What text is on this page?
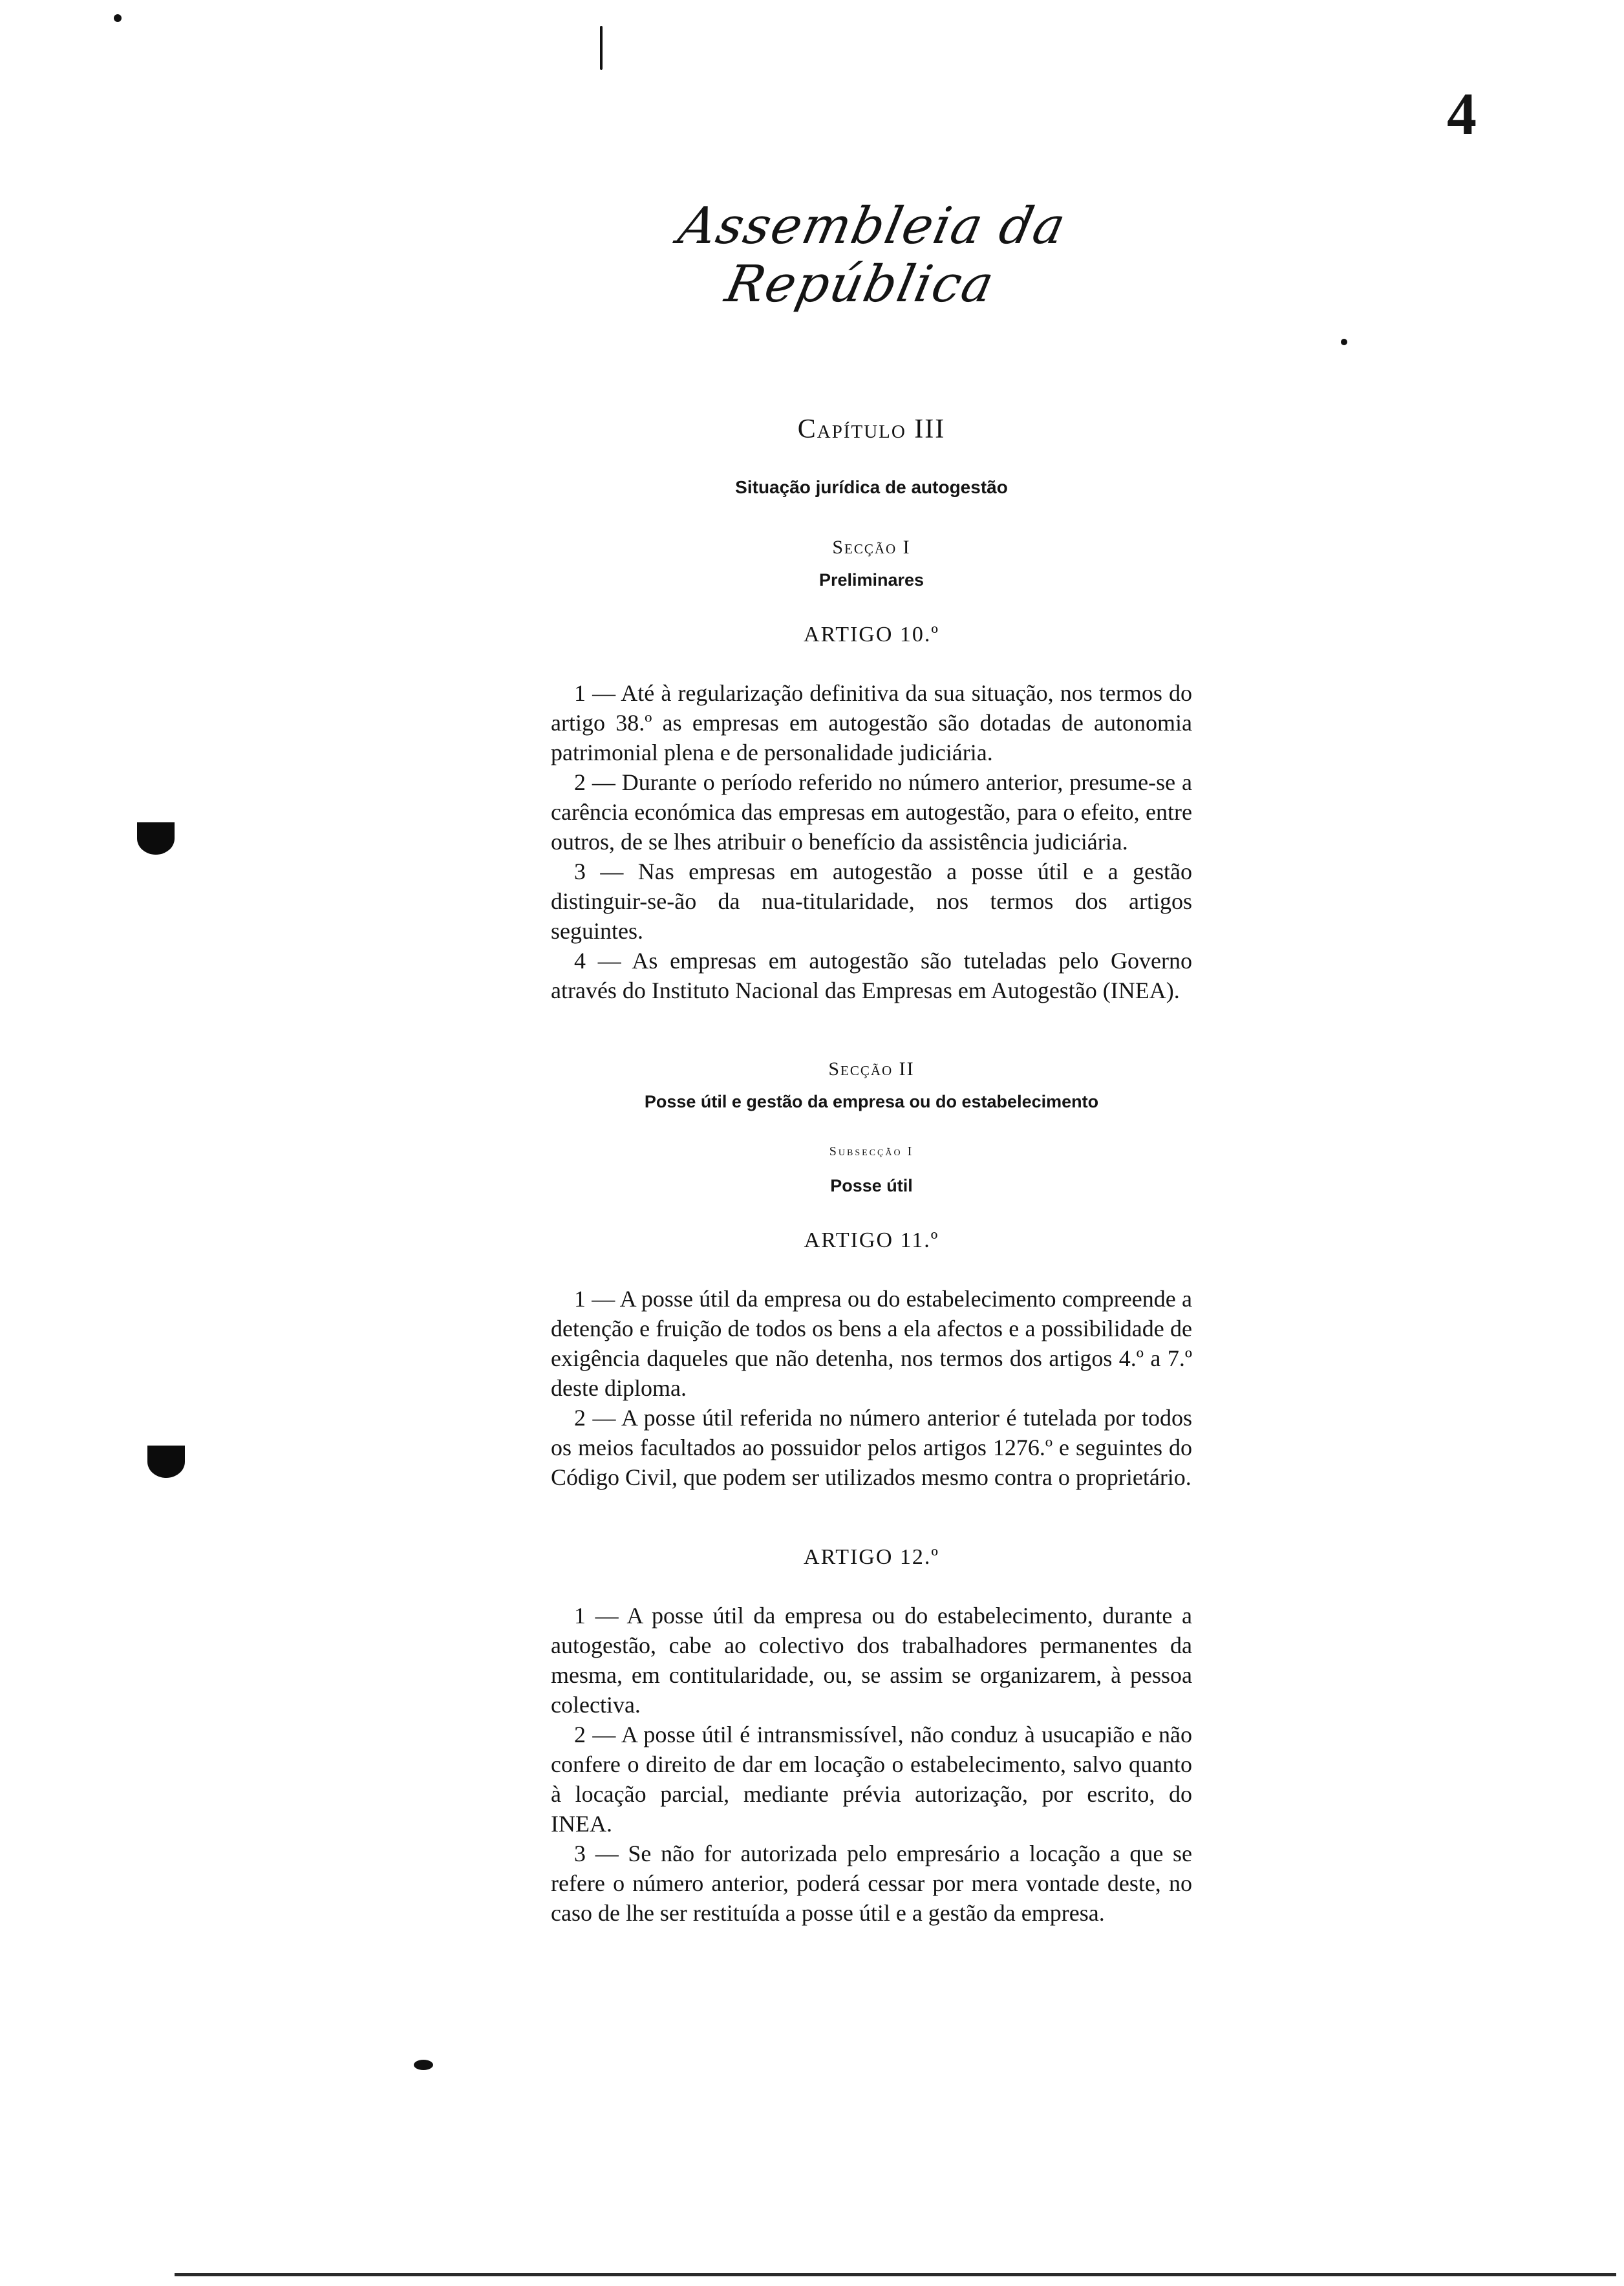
4
Assembleia da República
Capítulo III
Situação jurídica de autogestão
Secção I
Preliminares
ARTIGO 10.º

1 — Até à regularização definitiva da sua situação, nos termos do artigo 38.º as empresas em autogestão são dotadas de autonomia patrimonial plena e de personalidade judiciária.

2 — Durante o período referido no número anterior, presume-se a carência económica das empresas em autogestão, para o efeito, entre outros, de se lhes atribuir o benefício da assistência judiciária.

3 — Nas empresas em autogestão a posse útil e a gestão distinguir-se-ão da nua-titularidade, nos termos dos artigos seguintes.

4 — As empresas em autogestão são tuteladas pelo Governo através do Instituto Nacional das Empresas em Autogestão (INEA).

Secção II
Posse útil e gestão da empresa ou do estabelecimento
Subsecção I
Posse útil
ARTIGO 11.º

1 — A posse útil da empresa ou do estabelecimento compreende a detenção e fruição de todos os bens a ela afectos e a possibilidade de exigência daqueles que não detenha, nos termos dos artigos 4.º a 7.º deste diploma.

2 — A posse útil referida no número anterior é tutelada por todos os meios facultados ao possuidor pelos artigos 1276.º e seguintes do Código Civil, que podem ser utilizados mesmo contra o proprietário.

ARTIGO 12.º

1 — A posse útil da empresa ou do estabelecimento, durante a autogestão, cabe ao colectivo dos trabalhadores permanentes da mesma, em contitularidade, ou, se assim se organizarem, à pessoa colectiva.

2 — A posse útil é intransmissível, não conduz à usucapião e não confere o direito de dar em locação o estabelecimento, salvo quanto à locação parcial, mediante prévia autorização, por escrito, do INEA.

3 — Se não for autorizada pelo empresário a locação a que se refere o número anterior, poderá cessar por mera vontade deste, no caso de lhe ser restituída a posse útil e a gestão da empresa.
